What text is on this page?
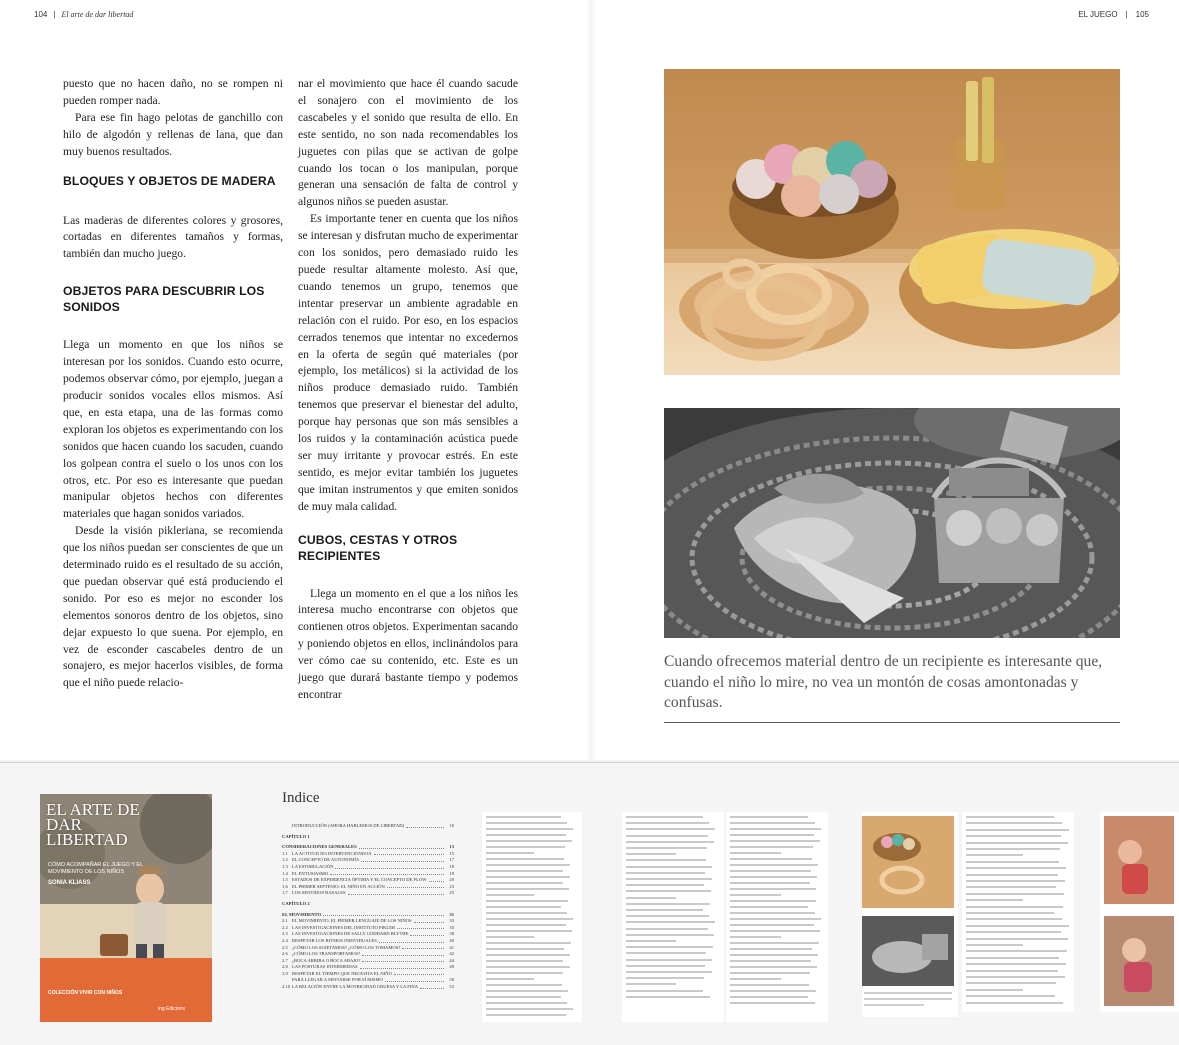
104 | El arte de dar libertad	EL JUEGO | 105

puesto que no hacen daño, no se rompen ni pueden romper nada.

Para ese fin hago pelotas de ganchillo con hilo de algodón y rellenas de lana, que dan muy buenos resultados.

BLOQUES Y OBJETOS DE MADERA

Las maderas de diferentes colores y grosores, cortadas en diferentes tamaños y formas, también dan mucho juego.

OBJETOS PARA DESCUBRIR LOS SONIDOS

Llega un momento en que los niños se interesan por los sonidos. Cuando esto ocurre, podemos observar cómo, por ejemplo, juegan a producir sonidos vocales ellos mismos. Así que, en esta etapa, una de las formas como exploran los objetos es experimentando con los sonidos que hacen cuando los sacuden, cuando los golpean contra el suelo o los unos con los otros, etc. Por eso es interesante que puedan manipular objetos hechos con diferentes materiales que hagan sonidos variados.

Desde la visión pikleriana, se recomienda que los niños puedan ser conscientes de que un determinado ruido es el resultado de su acción, que puedan observar qué está produciendo el sonido. Por eso es mejor no esconder los elementos sonoros dentro de los objetos, sino dejar expuesto lo que suena. Por ejemplo, en vez de esconder cascabeles dentro de un sonajero, es mejor hacerlos visibles, de forma que el niño puede relacio-

nar el movimiento que hace él cuando sacude el sonajero con el movimiento de los cascabeles y el sonido que resulta de ello. En este sentido, no son nada recomendables los juguetes con pilas que se activan de golpe cuando los tocan o los manipulan, porque generan una sensación de falta de control y algunos niños se pueden asustar.

Es importante tener en cuenta que los niños se interesan y disfrutan mucho de experimentar con los sonidos, pero demasiado ruido les puede resultar altamente molesto. Así que, cuando tenemos un grupo, tenemos que intentar preservar un ambiente agradable en relación con el ruido. Por eso, en los espacios cerrados tenemos que intentar no excedernos en la oferta de según qué materiales (por ejemplo, los metálicos) si la actividad de los niños produce demasiado ruido. También tenemos que preservar el bienestar del adulto, porque hay personas que son más sensibles a los ruidos y la contaminación acústica puede ser muy irritante y provocar estrés. En este sentido, es mejor evitar también los juguetes que imitan instrumentos y que emiten sonidos de muy mala calidad.

CUBOS, CESTAS Y OTROS RECIPIENTES

Llega un momento en el que a los niños les interesa mucho encontrarse con objetos que contienen otros objetos. Experimentan sacando y poniendo objetos en ellos, inclinándolos para ver cómo cae su contenido, etc. Este es un juego que durará bastante tiempo y podemos encontrar

Cuando ofrecemos material dentro de un recipiente es interesante que, cuando el niño lo mire, no vea un montón de cosas amontonadas y confusas.
EL ARTE DE DAR LIBERTAD
CÓMO ACOMPAÑAR EL JUEGO Y EL MOVIMIENTO DE LOS NIÑOS
SONIA KLIASS
COLECCIÓN VIVIR CON NIÑOS
ing Edicions
Indice
INTRODUCCIÓN (AHORA HABLEMOS DE LIBERTAD)	10
CAPÍTULO 1
CONSIDERACIONES GENERALES	13
1.1 LA ACTITUD NO INTERVENCIONISTA	15
1.2 EL CONCEPTO DE AUTONOMÍA	17
1.3 LA ESTIMULACIÓN	18
1.4 EL ENTUSIASMO	19
1.5 ESTADOS DE EXPERIENCIA ÓPTIMA Y EL CONCEPTO DE FLOW	20
1.6 EL PRIMER SEPTENIO: EL NIÑO EN ACCIÓN	23
1.7 LOS SENTIDOS BASALES	25
CAPÍTULO 2
EL MOVIMIENTO	31
2.1 EL MOVIMIENTO, EL PRIMER LENGUAJE DE LOS NIÑOS	33
2.2 LAS INVESTIGACIONES DEL INSTITUTO PIKLER	35
2.3 LAS INVESTIGACIONES DE SALLY GODDARD BLYTHE	38
2.4 RESPETAR LOS RITMOS INDIVIDUALES	40
2.5 ¿CÓMO LOS SUJETAMOS? ¿CÓMO LOS TOMAMOS?	41
2.6 ¿CÓMO LOS TRANSPORTAMOS?	42
2.7 ¿BOCA ARRIBA O BOCA ABAJO?	44
2.8 LAS POSTURAS INTERMEDIAS	49
2.9 RESPETAR EL TIEMPO QUE NECESITA EL NIÑO
PARA LLEGAR A SENTARSE POR SÍ MISMO	50
2.10 LA RELACIÓN ENTRE LA MOTRICIDAD GRUESA Y LA FINA	53
